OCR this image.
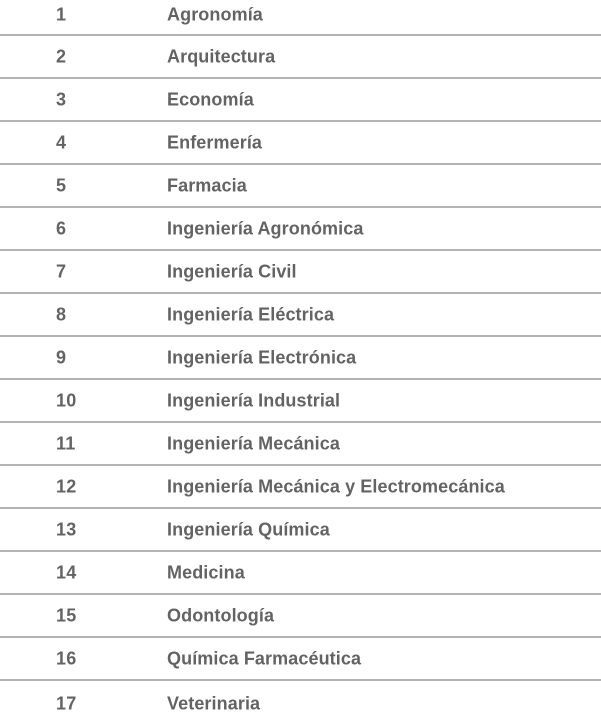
1	Agronomía
2	Arquitectura
3	Economía
4	Enfermería
5	Farmacia
6	Ingeniería Agronómica
7	Ingeniería Civil
8	Ingeniería Eléctrica
9	Ingeniería Electrónica
10	Ingeniería Industrial
11	Ingeniería Mecánica
12	Ingeniería Mecánica y Electromecánica
13	Ingeniería Química
14	Medicina
15	Odontología
16	Química Farmacéutica
17	Veterinaria
